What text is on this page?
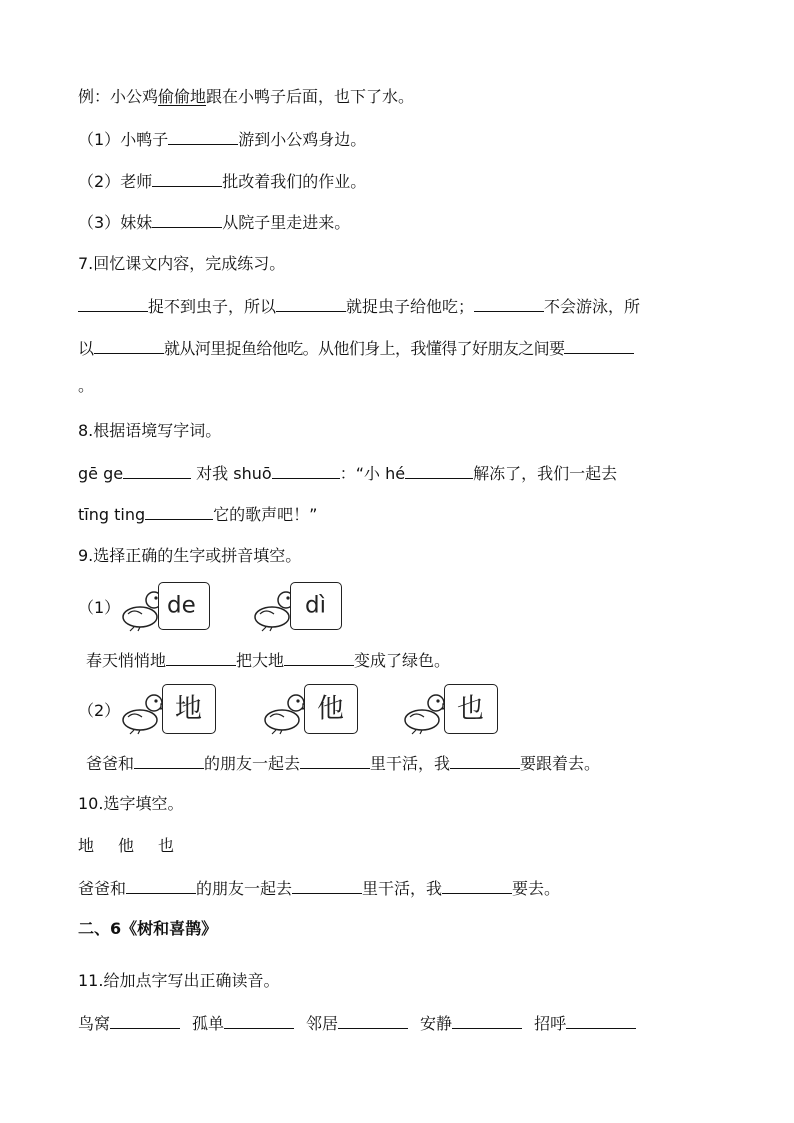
例：小公鸡偷偷地跟在小鸭子后面，也下了水。
（1）小鸭子	游到小公鸡身边。
（2）老师	批改着我们的作业。
（3）妹妹	从院子里走进来。
7.回忆课文内容，完成练习。
捉不到虫子，所以	就捉虫子给他吃；	不会游泳，所
以	就从河里捉鱼给他吃。从他们身上，我懂得了好朋友之间要
。
8.根据语境写字词。
gē ge	对我 shuō	：“小 hé	解冻了，我们一起去
tīng ting	它的歌声吧！”
9.选择正确的生字或拼音填空。
（1） de	dì
春天悄悄地	把大地	变成了绿色。
（2） 地	他	也
爸爸和	的朋友一起去	里干活，我	要跟着去。
10.选字填空。
地 他 也
爸爸和	的朋友一起去	里干活，我	要去。
二、6《树和喜鹊》
11.给加点字写出正确读音。
鸟窝	孤单	邻居	安静	招呼
